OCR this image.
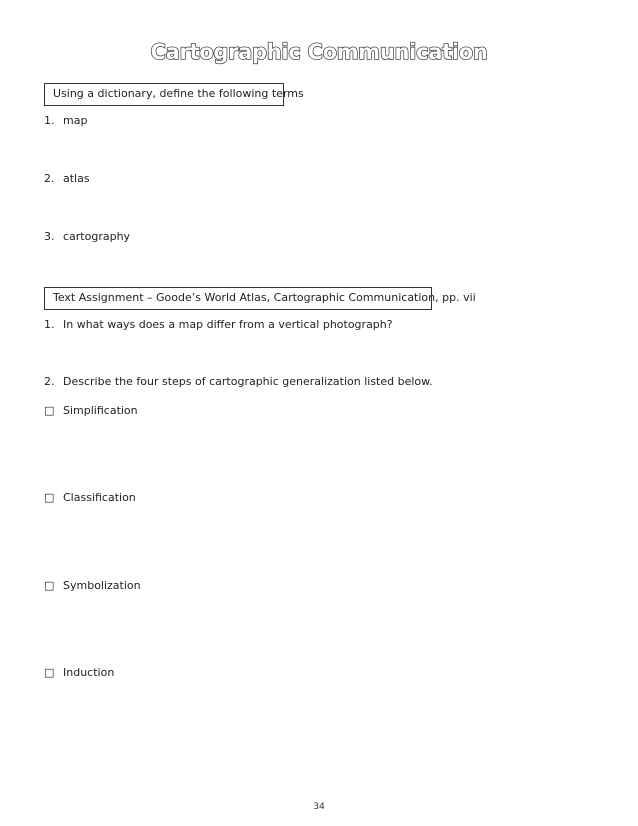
Cartographic Communication
Using a dictionary, define the following terms
1. map
2. atlas
3. cartography
Text Assignment – Goode’s World Atlas, Cartographic Communication, pp. vii
1. In what ways does a map differ from a vertical photograph?
2. Describe the four steps of cartographic generalization listed below.
□ Simplification
□ Classification
□ Symbolization
□ Induction
34
